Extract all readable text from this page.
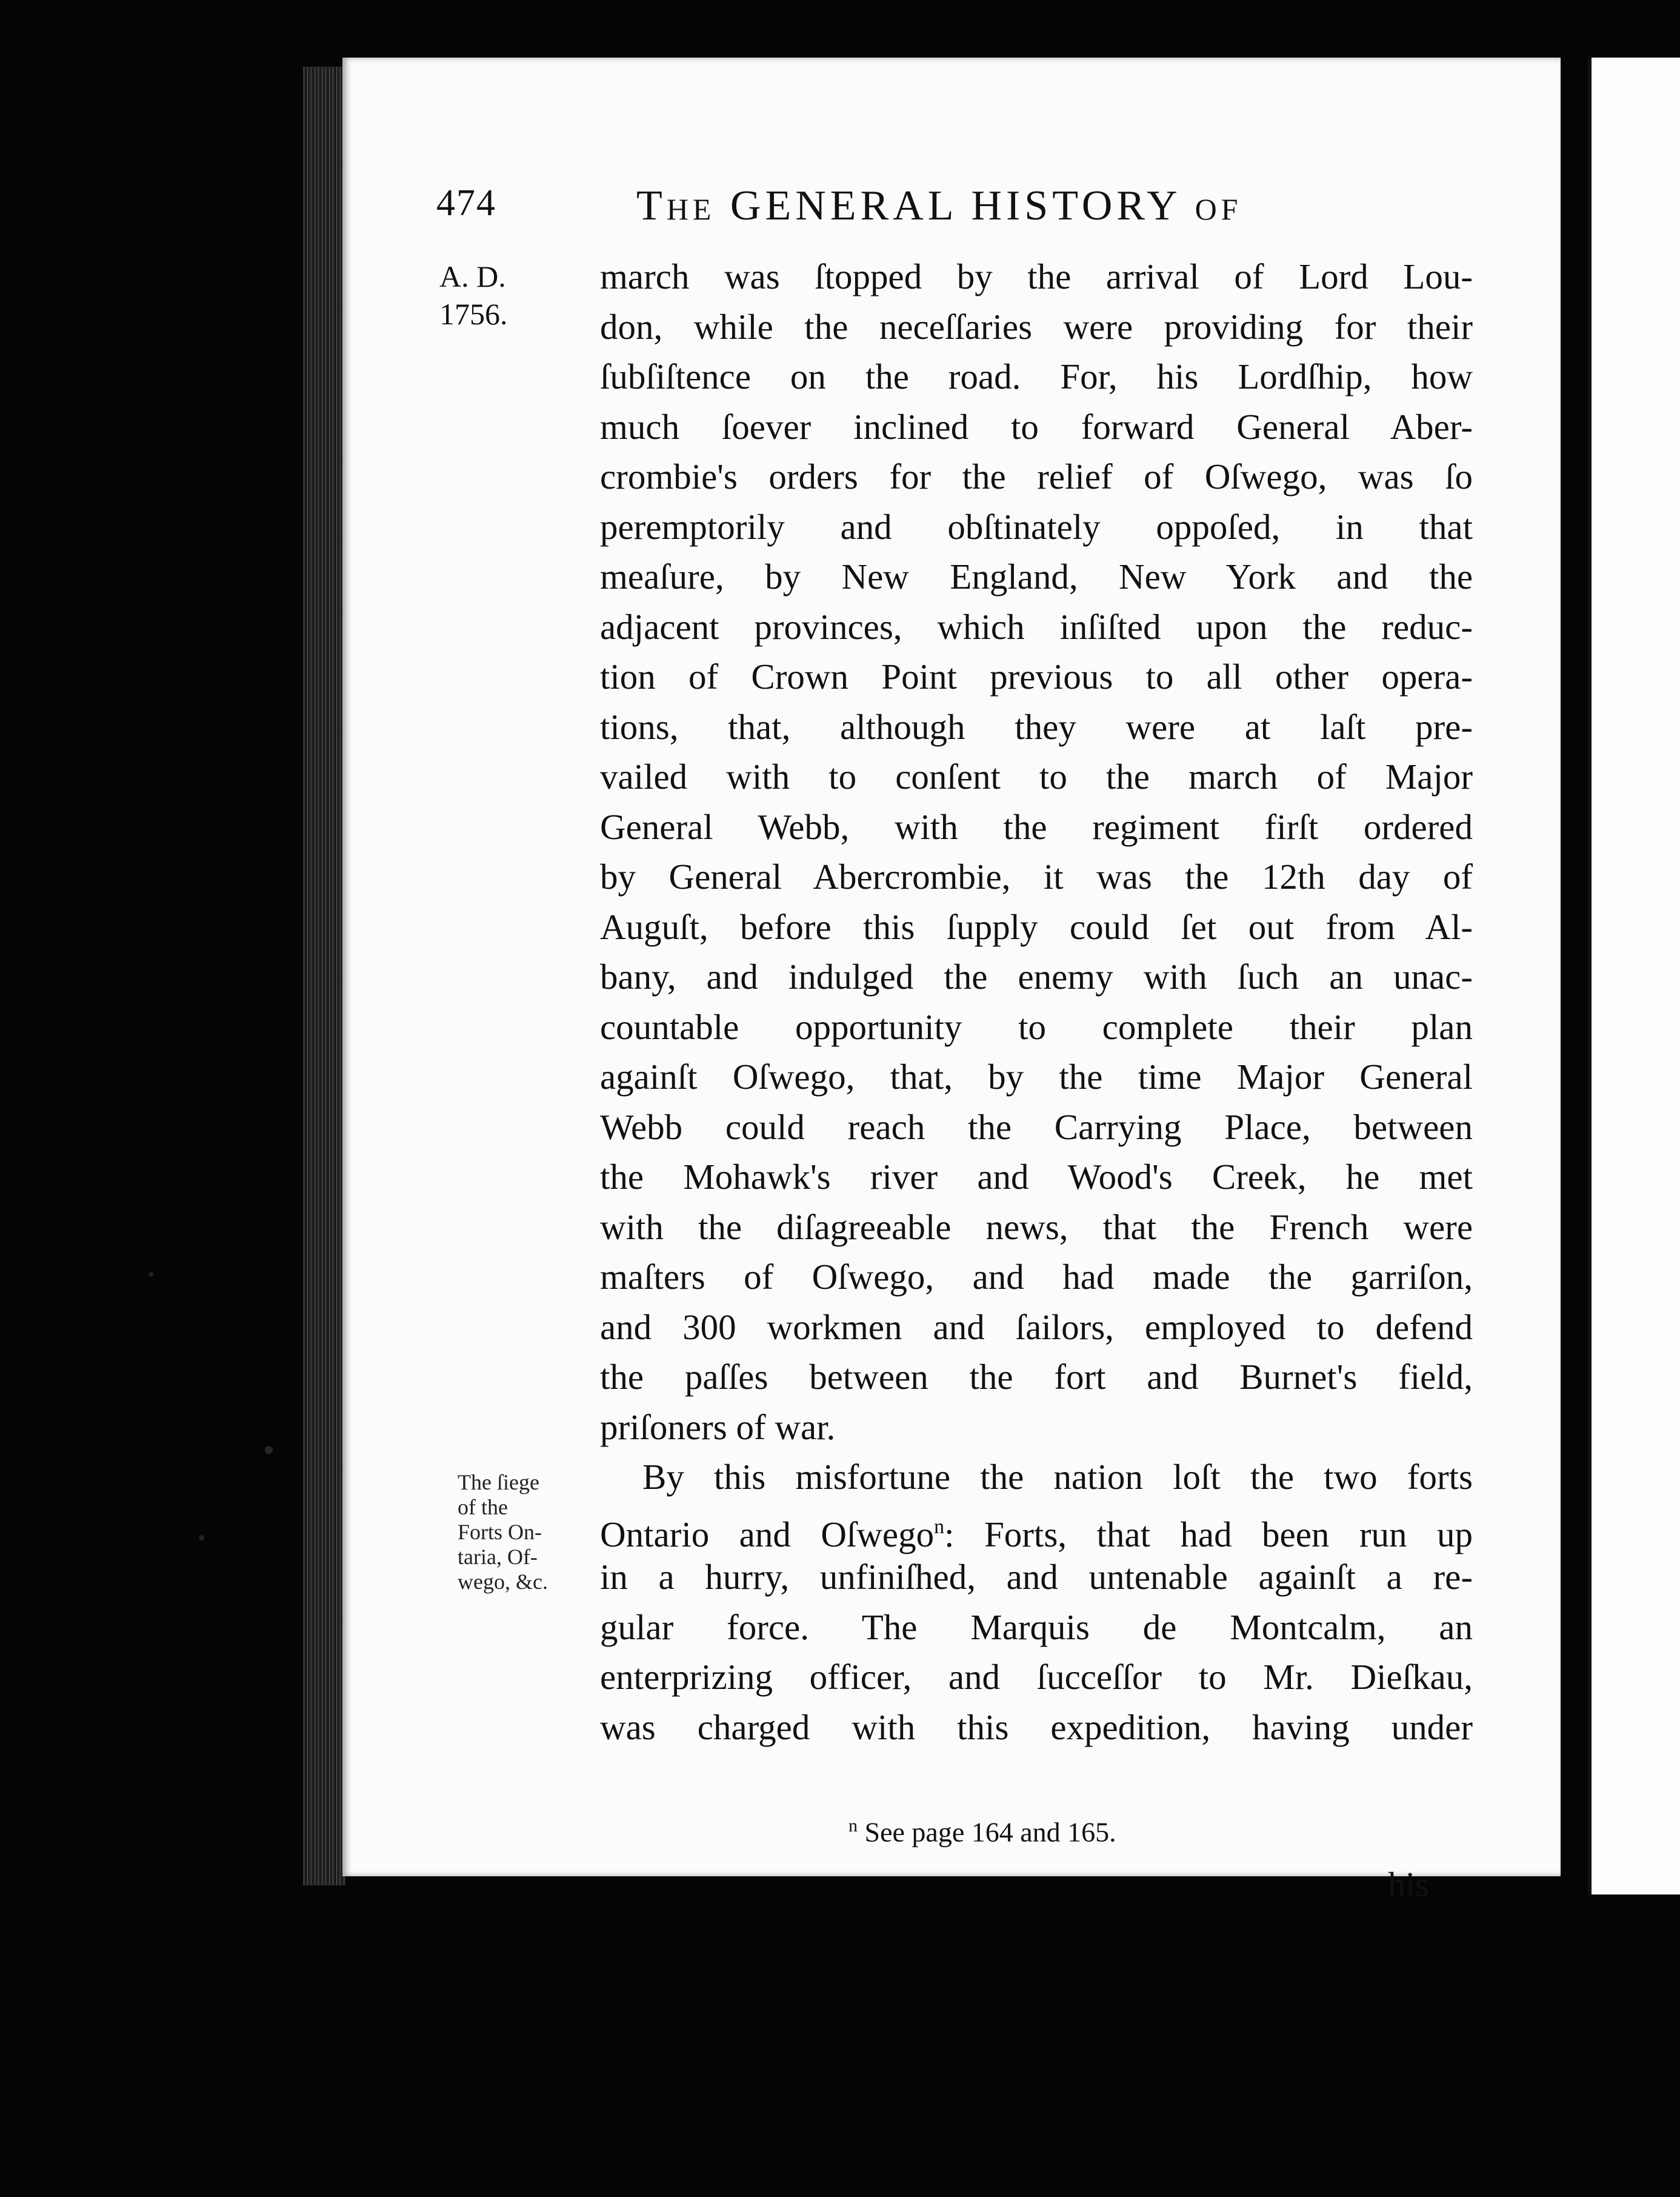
474	THE GENERAL HISTORY OF
A. D.
1756.

march was ſtopped by the arrival of Lord Lou-
don, while the neceſſaries were providing for their
ſubſiſtence on the road. For, his Lordſhip, how
much ſoever inclined to forward General Aber-
crombie's orders for the relief of Oſwego, was ſo
peremptorily and obſtinately oppoſed, in that
meaſure, by New England, New York and the
adjacent provinces, which inſiſted upon the reduc-
tion of Crown Point previous to all other opera-
tions, that, although they were at laſt pre-
vailed with to conſent to the march of Major
General Webb, with the regiment firſt ordered
by General Abercrombie, it was the 12th day of
Auguſt, before this ſupply could ſet out from Al-
bany, and indulged the enemy with ſuch an unac-
countable opportunity to complete their plan
againſt Oſwego, that, by the time Major General
Webb could reach the Carrying Place, between
the Mohawk's river and Wood's Creek, he met
with the diſagreeable news, that the French were
maſters of Oſwego, and had made the garriſon,
and 300 workmen and ſailors, employed to defend
the paſſes between the fort and Burnet's field,
priſoners of war.

By this misfortune the nation loſt the two forts
Ontario and Oſwego$^n$: Forts, that had been run up
in a hurry, unfiniſhed, and untenable againſt a re-
gular force. The Marquis de Montcalm, an
enterprizing officer, and ſucceſſor to Mr. Dieſkau,
was charged with this expedition, having under

The ſiege
of the
Forts On-
taria, Of-
wego, &c.
$^n$ See page 164 and 165.
his
